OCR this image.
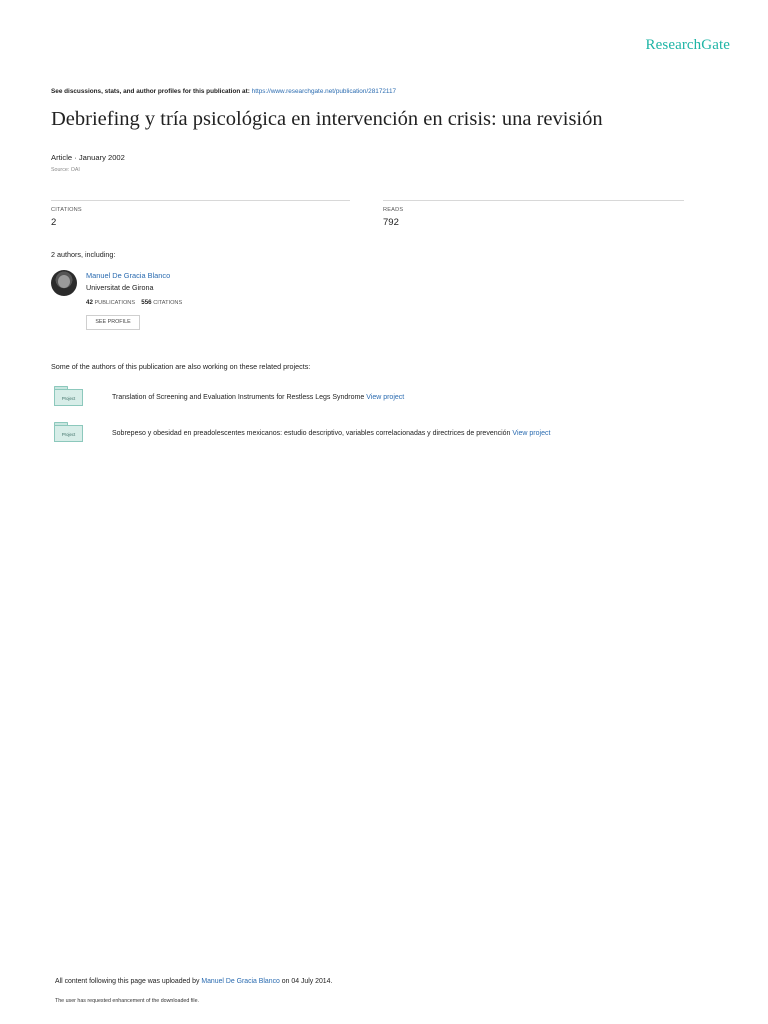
ResearchGate
See discussions, stats, and author profiles for this publication at: https://www.researchgate.net/publication/28172117
Debriefing y tría psicológica en intervención en crisis: una revisión
Article · January 2002
Source: OAI
CITATIONS
2
READS
792
2 authors, including:
Manuel De Gracia Blanco
Universitat de Girona
42 PUBLICATIONS 556 CITATIONS
SEE PROFILE
Some of the authors of this publication are also working on these related projects:
Project	Translation of Screening and Evaluation Instruments for Restless Legs Syndrome View project
Project	Sobrepeso y obesidad en preadolescentes mexicanos: estudio descriptivo, variables correlacionadas y directrices de prevención View project
All content following this page was uploaded by Manuel De Gracia Blanco on 04 July 2014.
The user has requested enhancement of the downloaded file.
